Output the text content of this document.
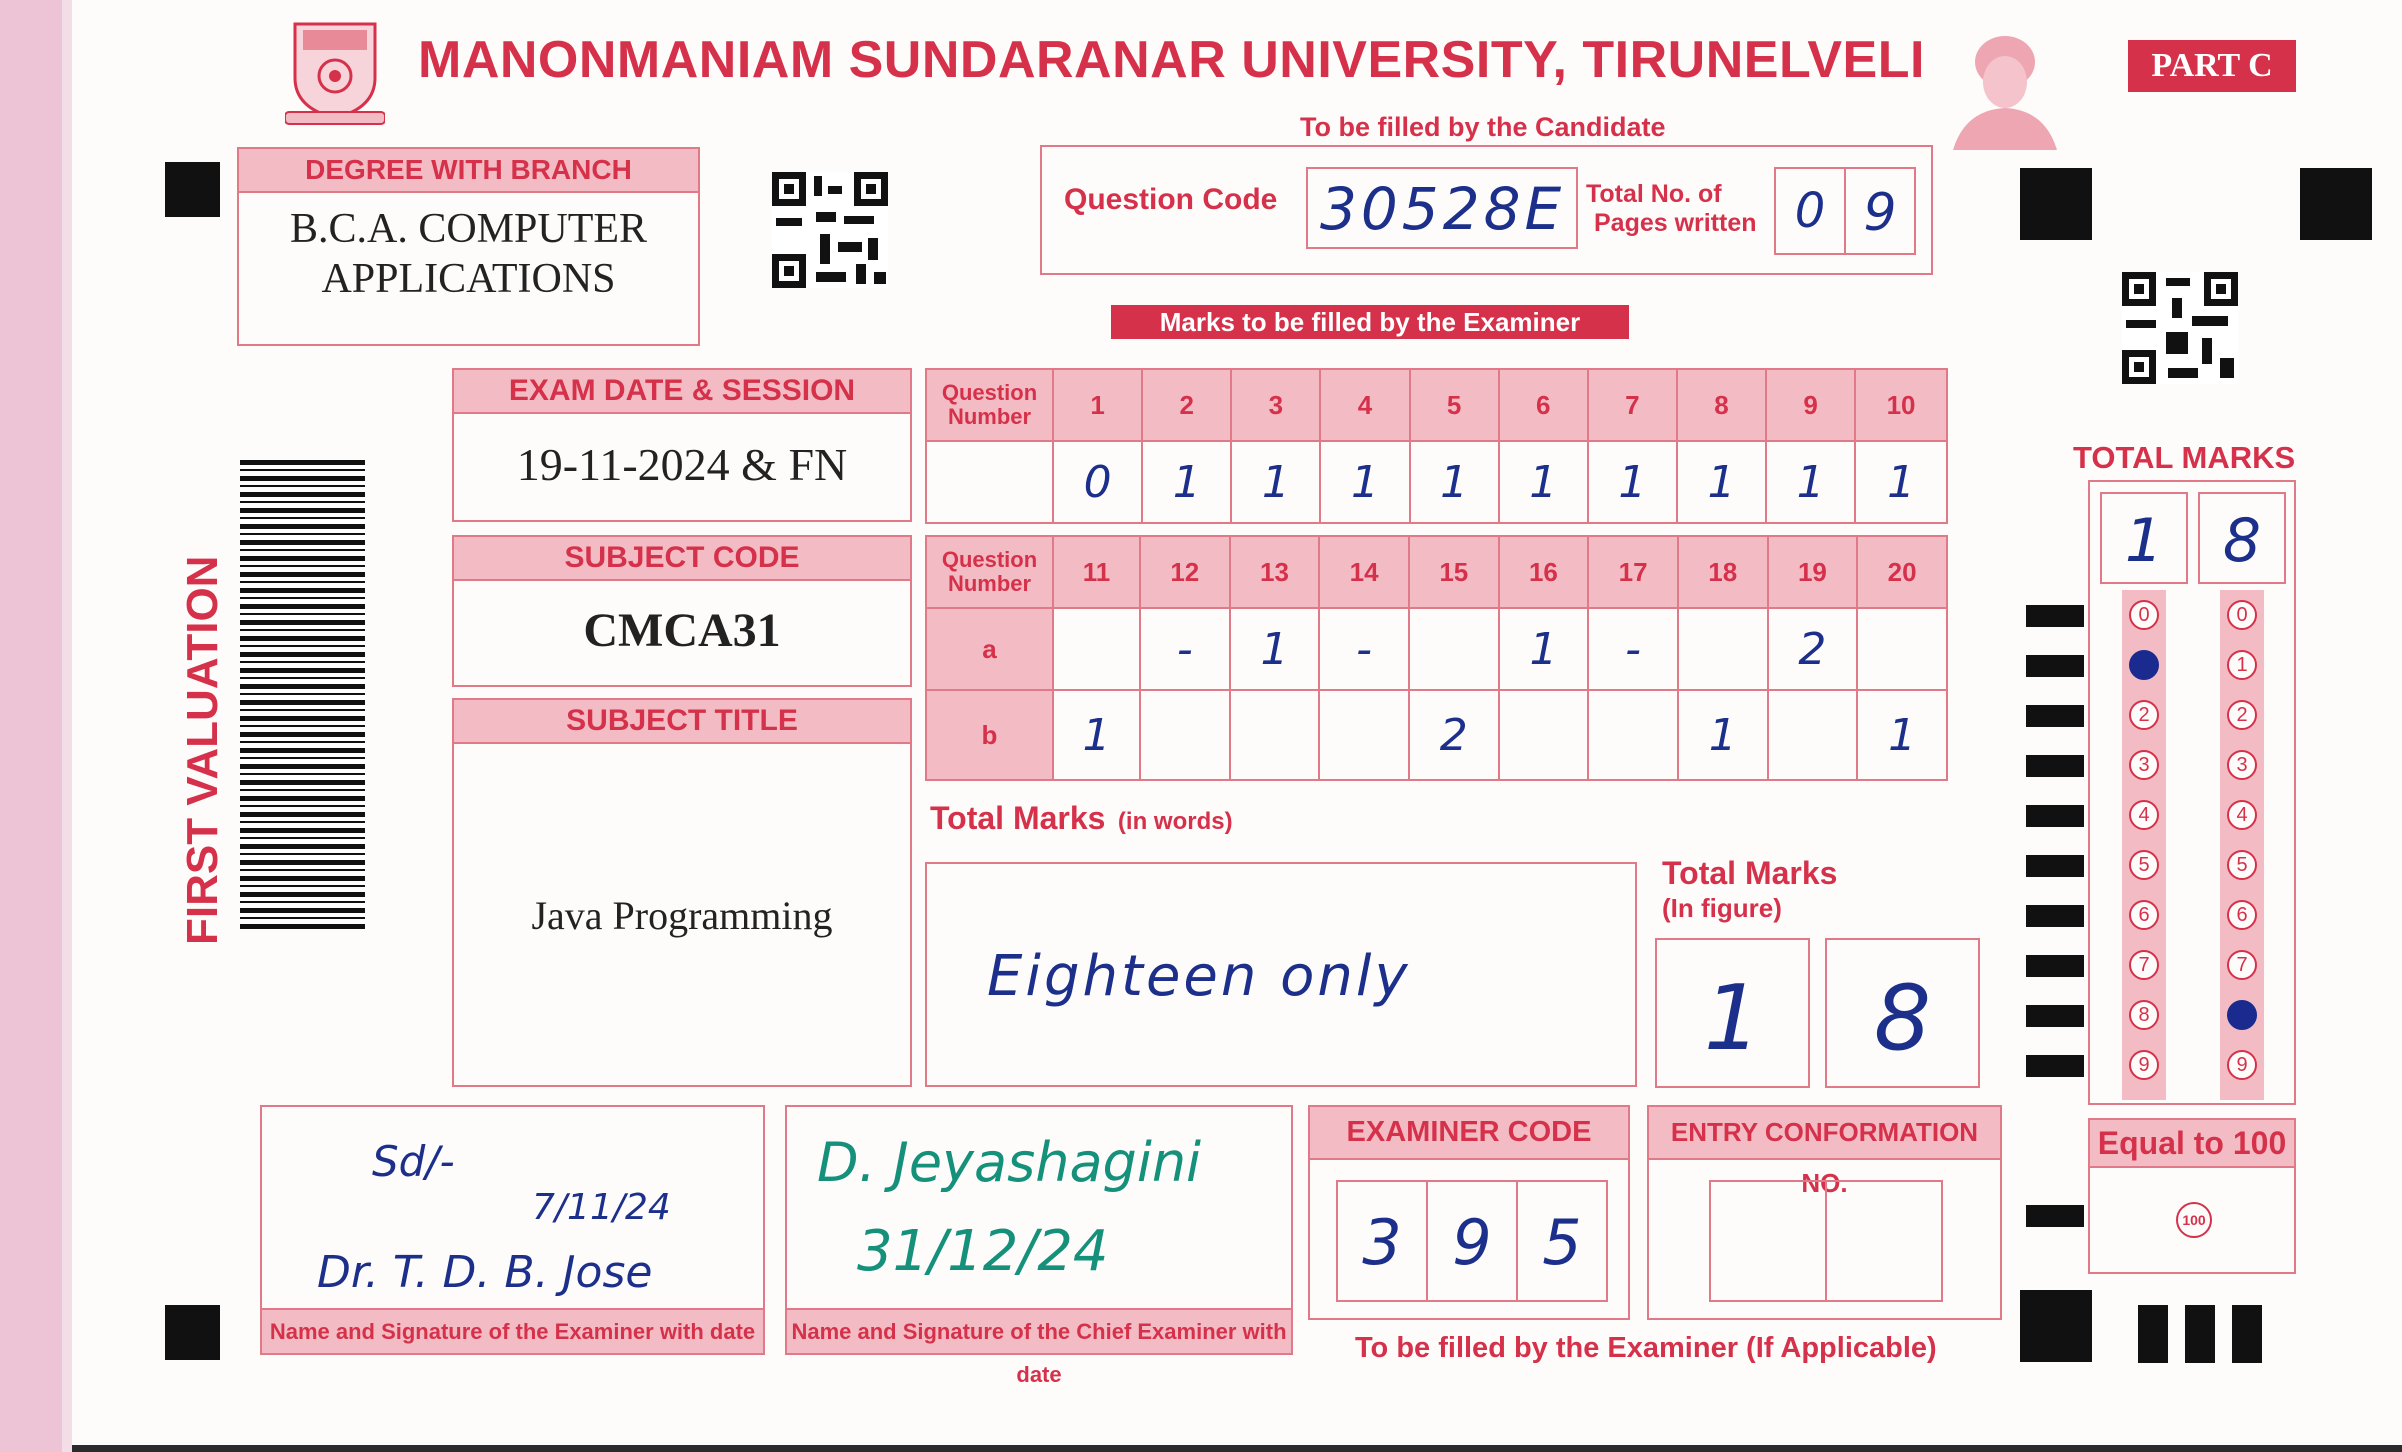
MANONMANIAM SUNDARANAR UNIVERSITY, TIRUNELVELI	PART C
To be filled by the Candidate
DEGREE WITH BRANCH
B.C.A. COMPUTER
APPLICATIONS
Question Code 30528E Total No. of
Pages written 0 9
Marks to be filled by the Examiner
FIRST VALUATION
EXAM DATE & SESSION
19-11-2024 & FN
SUBJECT CODE
CMCA31
SUBJECT TITLE
Java Programming
Question
Number	1	2	3	4	5	6	7	8	9	10
	0	1	1	1	1	1	1	1	1	1
Question
Number	11	12	13	14	15	16	17	18	19	20
a		-	1	-		1	-		2	
b	1				2			1		1
Total Marks (in words)
Eighteen only
Total Marks
(In figure)
1	8
TOTAL MARKS
1 8
0
1
2
3
4
5
6
7
8
9
0
1
2
3
4
5
6
7
8
9
Equal to 100
100
Sd/-
7/11/24
Dr. T. D. B. Jose
Name and Signature of the Examiner with date
D. Jeyashagini
31/12/24
Name and Signature of the Chief Examiner with date
EXAMINER CODE
3 9 5
ENTRY CONFORMATION NO.
To be filled by the Examiner (If Applicable)
